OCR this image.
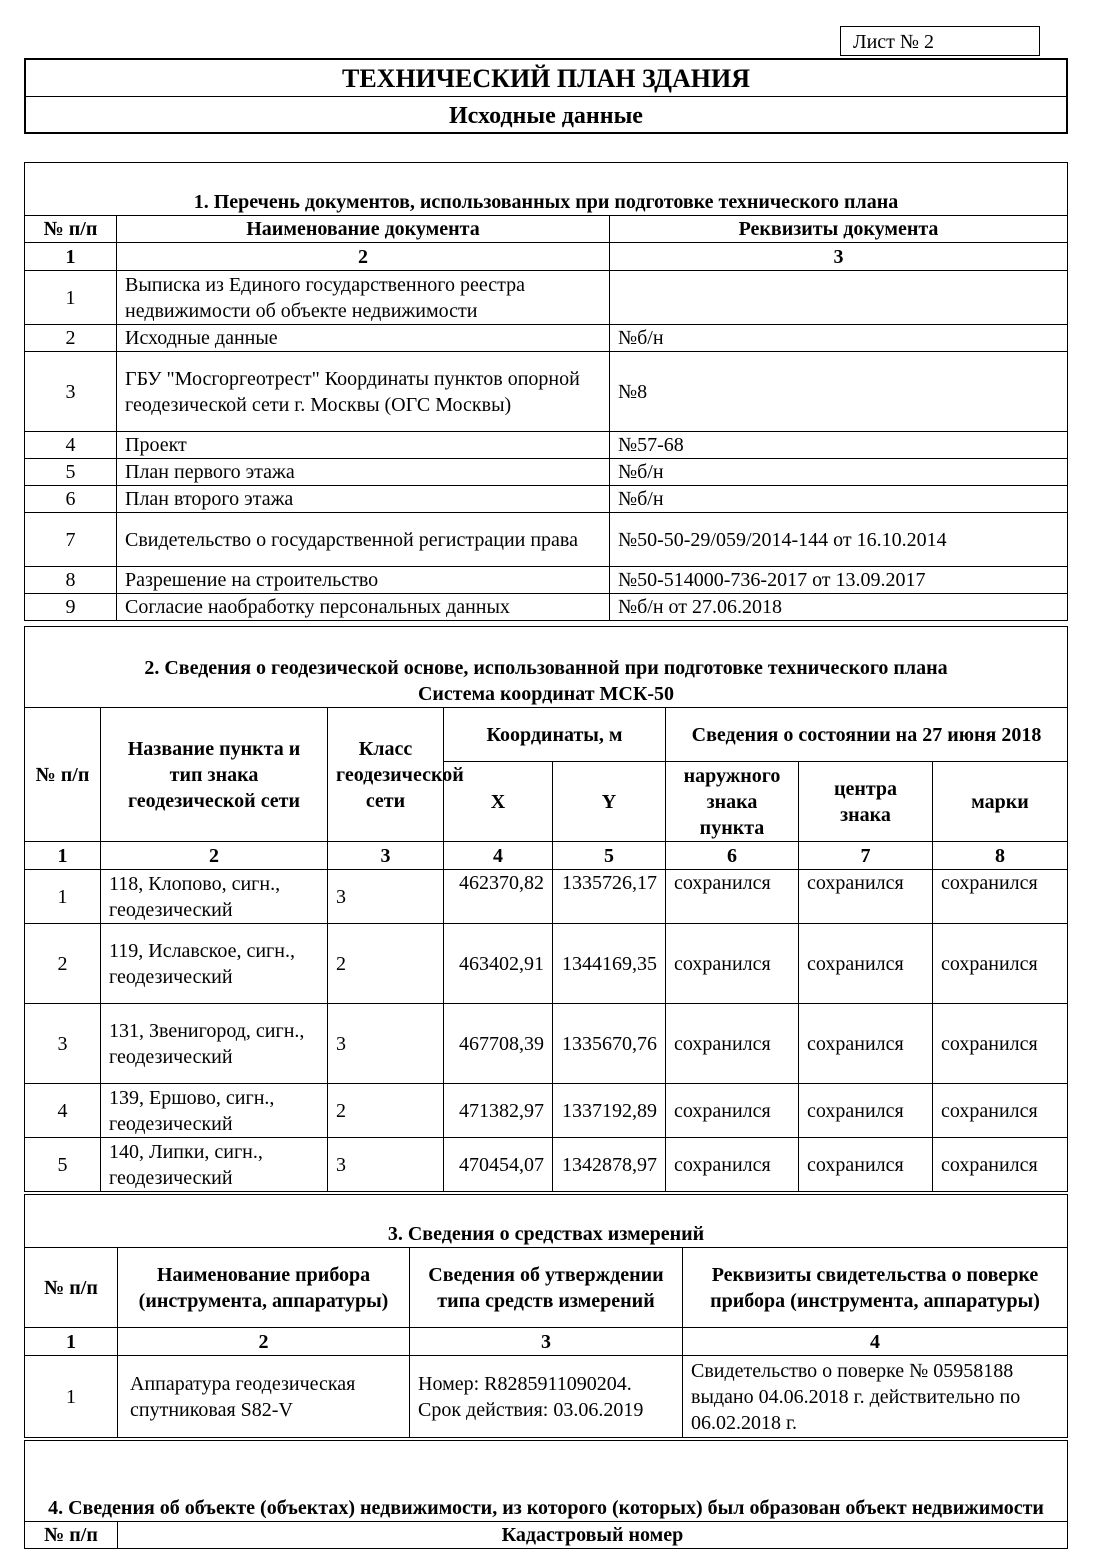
Лист № 2
ТЕХНИЧЕСКИЙ ПЛАН ЗДАНИЯ
Исходные данные
1. Перечень документов, использованных при подготовке технического плана		
№ п/п	Наименование документа	Реквизиты документа
1	2	3
1	Выписка из Единого государственного реестра недвижимости об объекте недвижимости	
2	Исходные данные	№б/н
3	ГБУ "Мосгоргеотрест" Координаты пунктов опорной геодезической сети г. Москвы (ОГС Москвы)	№8
4	Проект	№57-68
5	План первого этажа	№б/н
6	План второго этажа	№б/н
7	Свидетельство о государственной регистрации права	№50-50-29/059/2014-144 от 16.10.2014
8	Разрешение на строительство	№50-514000-736-2017 от 13.09.2017
9	Согласие наобработку персональных данных	№б/н от 27.06.2018
2. Сведения о геодезической основе, использованной при подготовке технического плана
Система координат МСК-50							

№ п/п	Название пункта и тип знака геодезической сети	Класс геодезической сети	Координаты, м		Сведения о состоянии на 27 июня 2018		
			X	Y	наружного знака пункта	центра знака	марки
1	2	3	4	5	6	7	8
1	118, Клопово, сигн., геодезический	3	462370,82	1335726,17	сохранился	сохранился	сохранился
2	119, Иславское, сигн., геодезический	2	463402,91	1344169,35	сохранился	сохранился	сохранился
3	131, Звенигород, сигн., геодезический	3	467708,39	1335670,76	сохранился	сохранился	сохранился
4	139, Ершово, сигн., геодезический	2	471382,97	1337192,89	сохранился	сохранился	сохранился
5	140, Липки, сигн., геодезический	3	470454,07	1342878,97	сохранился	сохранился	сохранился
3. Сведения о средствах измерений			
№ п/п	Наименование прибора (инструмента, аппаратуры)	Сведения об утверждении типа средств измерений	Реквизиты свидетельства о поверке прибора (инструмента, аппаратуры)
1	2	3	4
1	Аппаратура геодезическая спутниковая S82-V	Номер: R8285911090204. Срок действия: 03.06.2019	Свидетельство о поверке № 05958188 выдано 04.06.2018 г. действительно по 06.02.2018 г.
4. Сведения об объекте (объектах) недвижимости, из которого (которых) был образован объект недвижимости
№ п/п	Кадастровый номер
